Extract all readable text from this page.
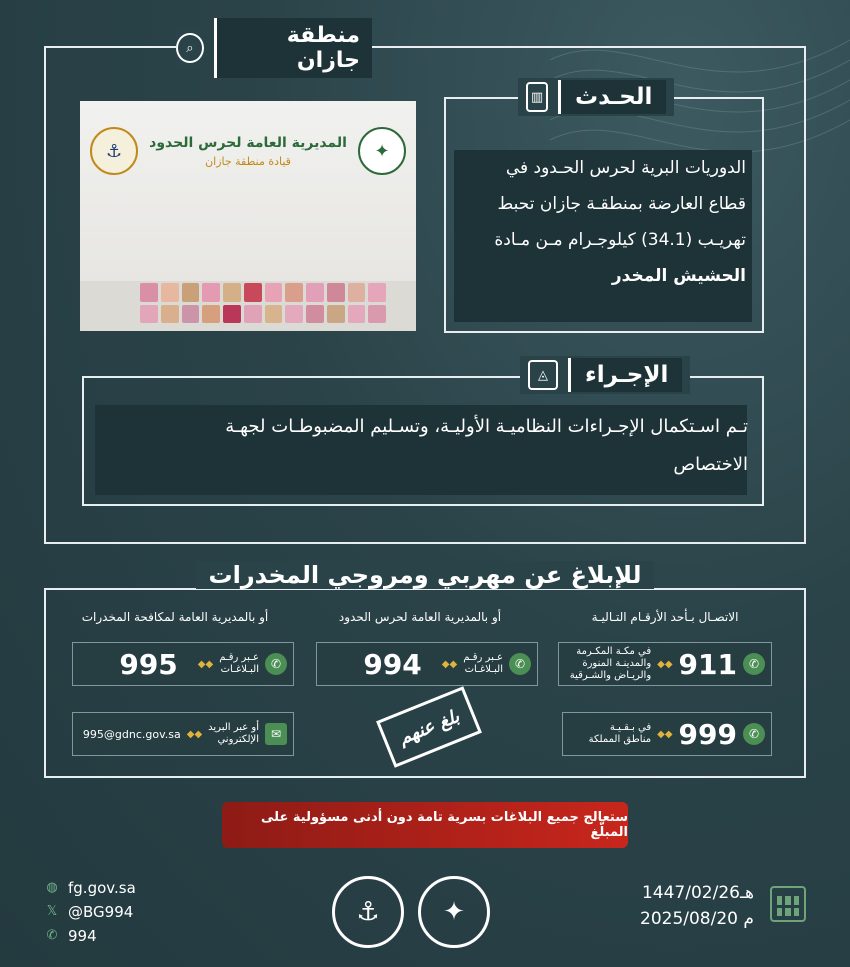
منطقة جازان
⌕
✦
المديرية العامة لحرس الحدود
قيادة منطقة جازان
⚓
الحـدث
▥
الدوريات البرية لحرس الحـدود في
قطاع العارضة بمنطقـة جازان تحبط
تهريـب (34.1) كيلوجـرام مـن مـادة
الحشيش المخدر
الإجـراء
◬
تـم اسـتكمال الإجـراءات النظاميـة الأوليـة، وتسـليم المضبوطـات لجهـة
الاختصاص
للإبلاغ عن مهربي ومروجي المخدرات
الاتصـال بـأحد الأرقـام التـاليـة
أو بالمديرية العامة لحرس الحدود
أو بالمديرية العامة لمكافحة المخدرات
✆
911
◆◆
في مكـة المكـرمة
والمدينـة المنورة
والريـاض والشـرقية
✆
999
◆◆
في بـقـيـة
مناطق المملكة
✆
عـبر رقـم
البـلاغـات
◆◆
994
✆
عـبر رقـم
البـلاغـات
◆◆
995
✉
أو عبر البريد
الإلكتروني
◆◆
995@gdnc.gov.sa	بلغ عنهم
ستعالج جميع البلاغات بسرية تامة دون أدنى مسؤولية على المبلّغ
◍ fg.gov.sa
𝕏 @BG994
✆ 994
⚓	✦
1447/02/26هـ
2025/08/20 م
